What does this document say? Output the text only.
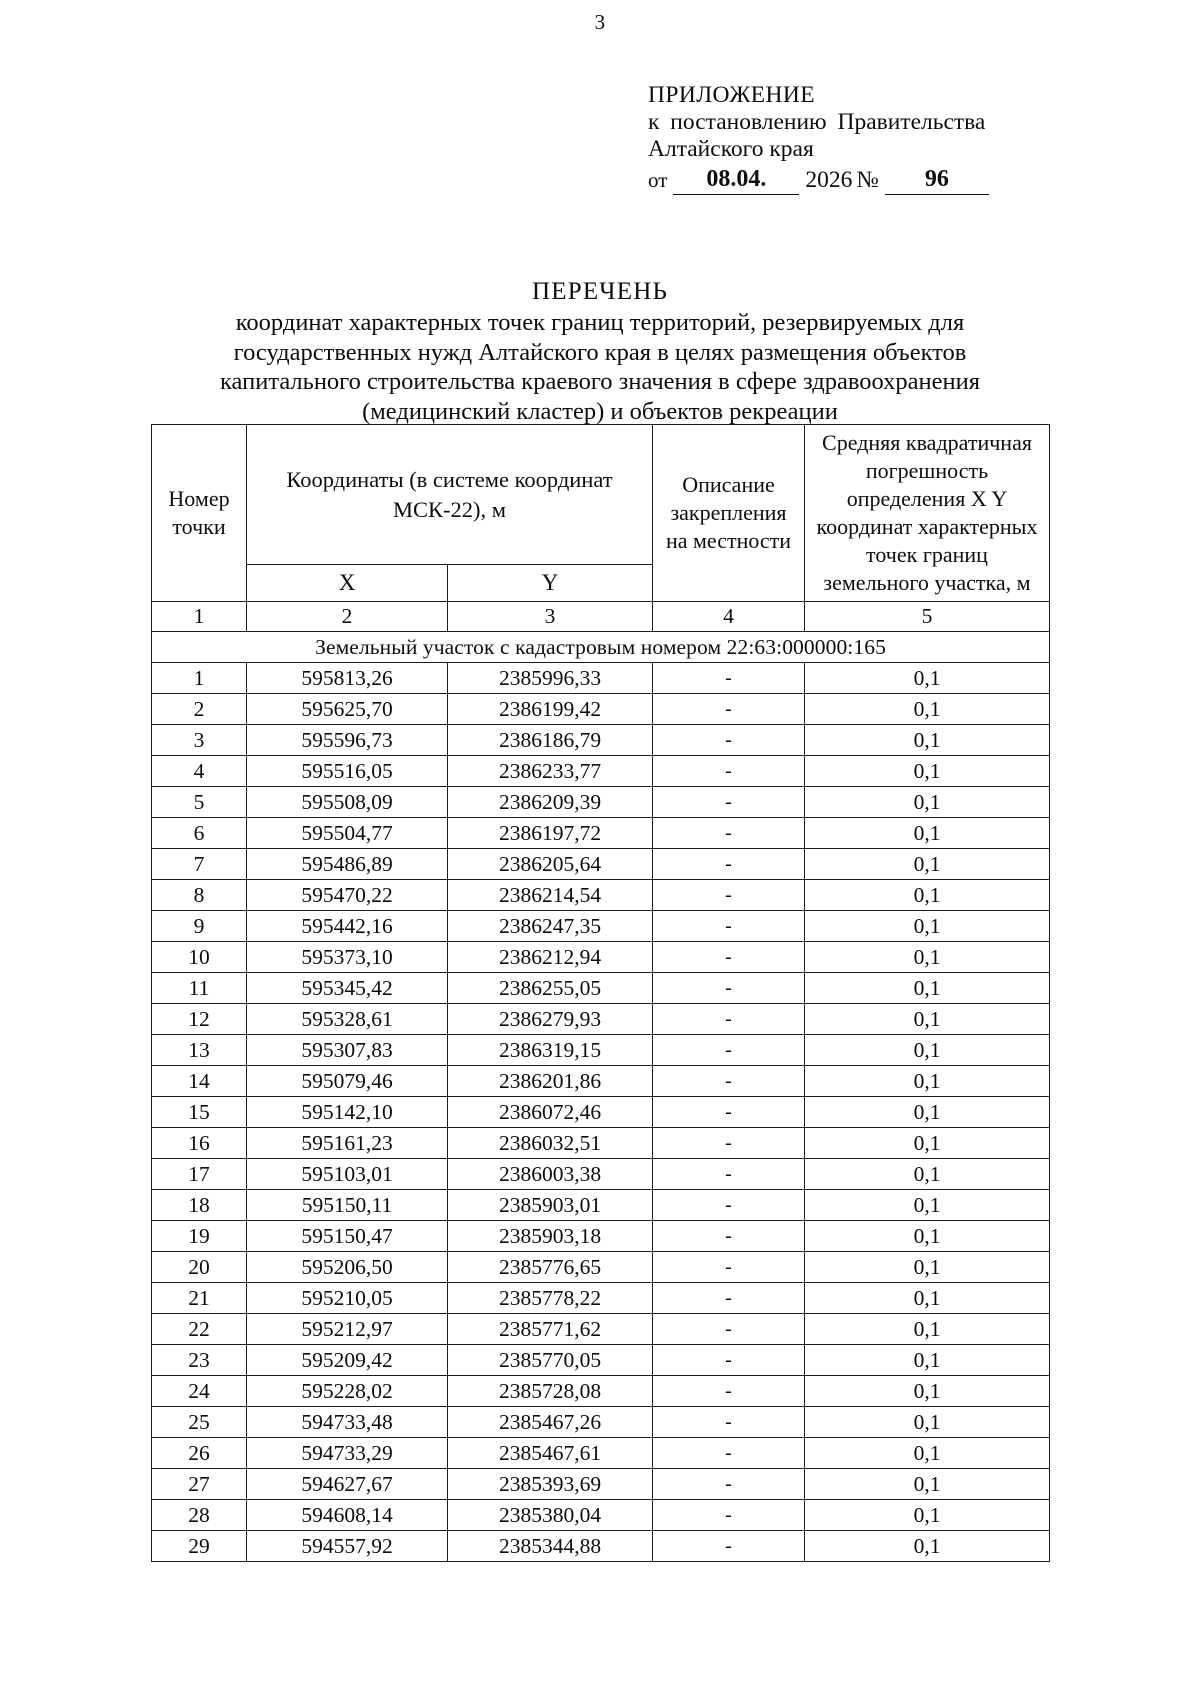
3
ПРИЛОЖЕНИЕ
к постановлению Правительства
Алтайского края
от	08.04.	2026 №	96
ПЕРЕЧЕНЬ
координат характерных точек границ территорий, резервируемых для
государственных нужд Алтайского края в целях размещения объектов
капитального строительства краевого значения в сфере здравоохранения
(медицинский кластер) и объектов рекреации
Номер точки	Координаты (в системе координат МСК-22), м		Описание закрепления на местности	Средняя квадратичная погрешность определения X Y координат характерных точек границ земельного участка, м
	X	Y		
1	2	3	4	5
Земельный участок с кадастровым номером 22:63:000000:165				
1	595813,26	2385996,33	-	0,1
2	595625,70	2386199,42	-	0,1
3	595596,73	2386186,79	-	0,1
4	595516,05	2386233,77	-	0,1
5	595508,09	2386209,39	-	0,1
6	595504,77	2386197,72	-	0,1
7	595486,89	2386205,64	-	0,1
8	595470,22	2386214,54	-	0,1
9	595442,16	2386247,35	-	0,1
10	595373,10	2386212,94	-	0,1
11	595345,42	2386255,05	-	0,1
12	595328,61	2386279,93	-	0,1
13	595307,83	2386319,15	-	0,1
14	595079,46	2386201,86	-	0,1
15	595142,10	2386072,46	-	0,1
16	595161,23	2386032,51	-	0,1
17	595103,01	2386003,38	-	0,1
18	595150,11	2385903,01	-	0,1
19	595150,47	2385903,18	-	0,1
20	595206,50	2385776,65	-	0,1
21	595210,05	2385778,22	-	0,1
22	595212,97	2385771,62	-	0,1
23	595209,42	2385770,05	-	0,1
24	595228,02	2385728,08	-	0,1
25	594733,48	2385467,26	-	0,1
26	594733,29	2385467,61	-	0,1
27	594627,67	2385393,69	-	0,1
28	594608,14	2385380,04	-	0,1
29	594557,92	2385344,88	-	0,1
